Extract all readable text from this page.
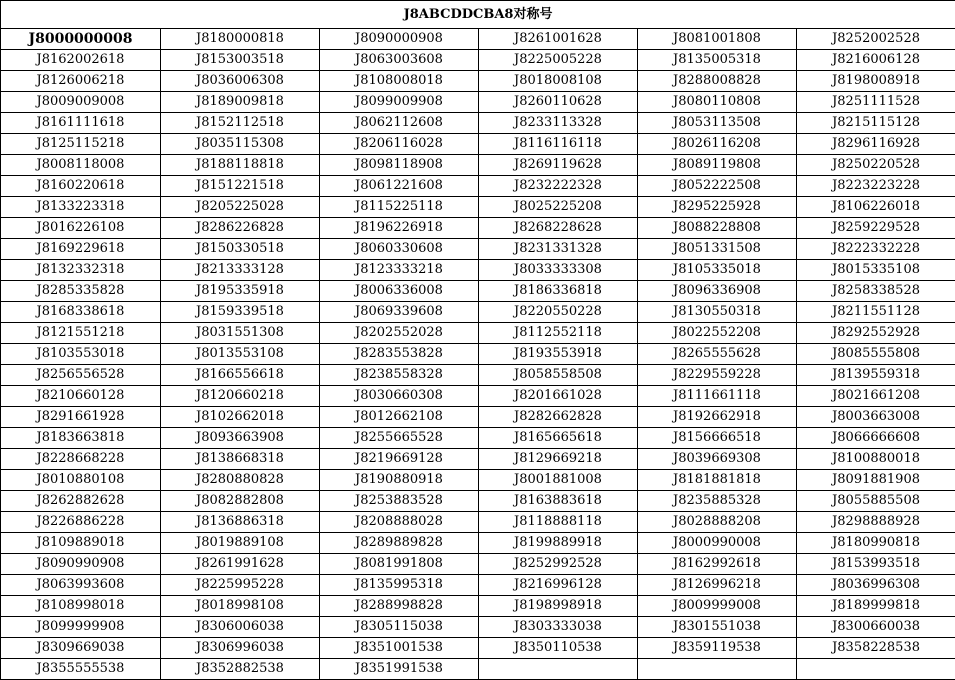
J8ABCDDCBA8对称号					
J8000000008	J8180000818	J8090000908	J8261001628	J8081001808	J8252002528
J8162002618	J8153003518	J8063003608	J8225005228	J8135005318	J8216006128
J8126006218	J8036006308	J8108008018	J8018008108	J8288008828	J8198008918
J8009009008	J8189009818	J8099009908	J8260110628	J8080110808	J8251111528
J8161111618	J8152112518	J8062112608	J8233113328	J8053113508	J8215115128
J8125115218	J8035115308	J8206116028	J8116116118	J8026116208	J8296116928
J8008118008	J8188118818	J8098118908	J8269119628	J8089119808	J8250220528
J8160220618	J8151221518	J8061221608	J8232222328	J8052222508	J8223223228
J8133223318	J8205225028	J8115225118	J8025225208	J8295225928	J8106226018
J8016226108	J8286226828	J8196226918	J8268228628	J8088228808	J8259229528
J8169229618	J8150330518	J8060330608	J8231331328	J8051331508	J8222332228
J8132332318	J8213333128	J8123333218	J8033333308	J8105335018	J8015335108
J8285335828	J8195335918	J8006336008	J8186336818	J8096336908	J8258338528
J8168338618	J8159339518	J8069339608	J8220550228	J8130550318	J8211551128
J8121551218	J8031551308	J8202552028	J8112552118	J8022552208	J8292552928
J8103553018	J8013553108	J8283553828	J8193553918	J8265555628	J8085555808
J8256556528	J8166556618	J8238558328	J8058558508	J8229559228	J8139559318
J8210660128	J8120660218	J8030660308	J8201661028	J8111661118	J8021661208
J8291661928	J8102662018	J8012662108	J8282662828	J8192662918	J8003663008
J8183663818	J8093663908	J8255665528	J8165665618	J8156666518	J8066666608
J8228668228	J8138668318	J8219669128	J8129669218	J8039669308	J8100880018
J8010880108	J8280880828	J8190880918	J8001881008	J8181881818	J8091881908
J8262882628	J8082882808	J8253883528	J8163883618	J8235885328	J8055885508
J8226886228	J8136886318	J8208888028	J8118888118	J8028888208	J8298888928
J8109889018	J8019889108	J8289889828	J8199889918	J8000990008	J8180990818
J8090990908	J8261991628	J8081991808	J8252992528	J8162992618	J8153993518
J8063993608	J8225995228	J8135995318	J8216996128	J8126996218	J8036996308
J8108998018	J8018998108	J8288998828	J8198998918	J8009999008	J8189999818
J8099999908	J8306006038	J8305115038	J8303333038	J8301551038	J8300660038
J8309669038	J8306996038	J8351001538	J8350110538	J8359119538	J8358228538
J8355555538	J8352882538	J8351991538			
